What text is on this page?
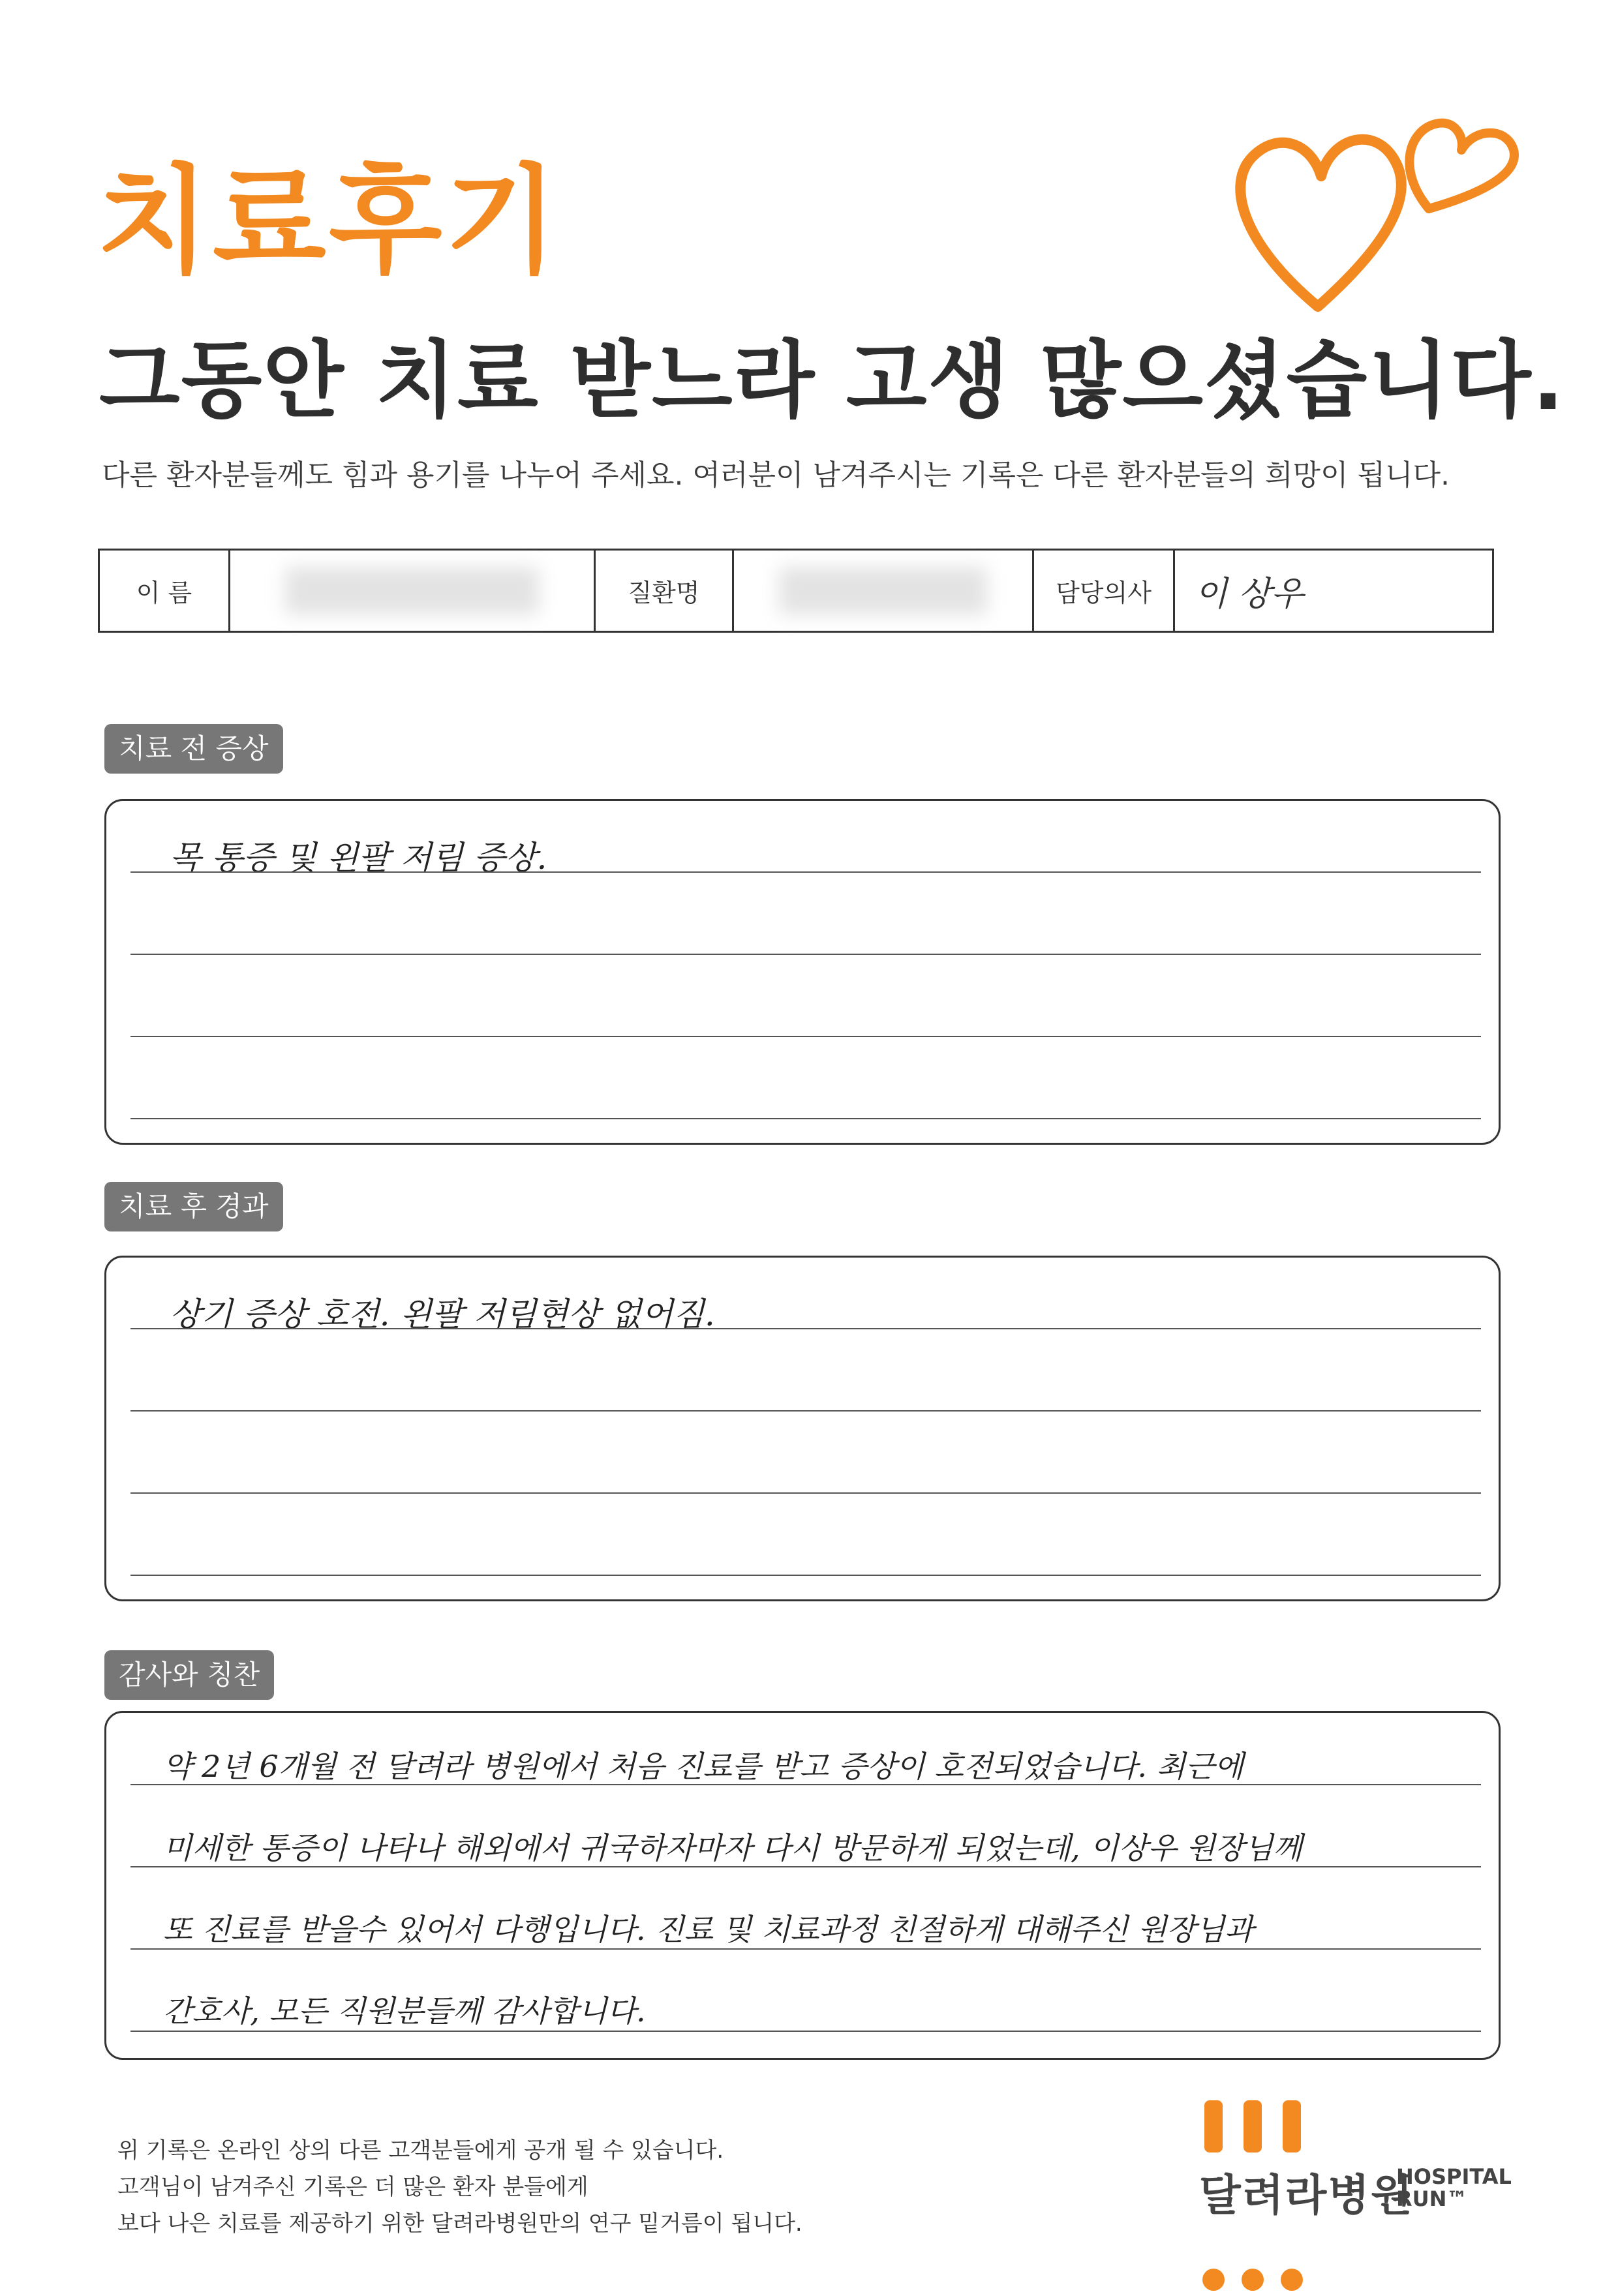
치료후기
그동안 치료 받느라 고생 많으셨습니다.
다른 환자분들께도 힘과 용기를 나누어 주세요. 여러분이 남겨주시는 기록은 다른 환자분들의 희망이 됩니다.
이 름	질환명	담당의사	이 상우
치료 전 증상
목 통증 및 왼팔 저림 증상.
치료 후 경과
상기 증상 호전. 왼팔 저림현상 없어짐.
감사와 칭찬
약 2년 6개월 전 달려라 병원에서 처음 진료를 받고 증상이 호전되었습니다. 최근에
미세한 통증이 나타나 해외에서 귀국하자마자 다시 방문하게 되었는데, 이상우 원장님께
또 진료를 받을수 있어서 다행입니다. 진료 및 치료과정 친절하게 대해주신 원장님과
간호사, 모든 직원분들께 감사합니다.
위 기록은 온라인 상의 다른 고객분들에게 공개 될 수 있습니다.
고객님이 남겨주신 기록은 더 많은 환자 분들에게
보다 나은 치료를 제공하기 위한 달려라병원만의 연구 밑거름이 됩니다.
달려라병원
HOSPITAL
RUN™
